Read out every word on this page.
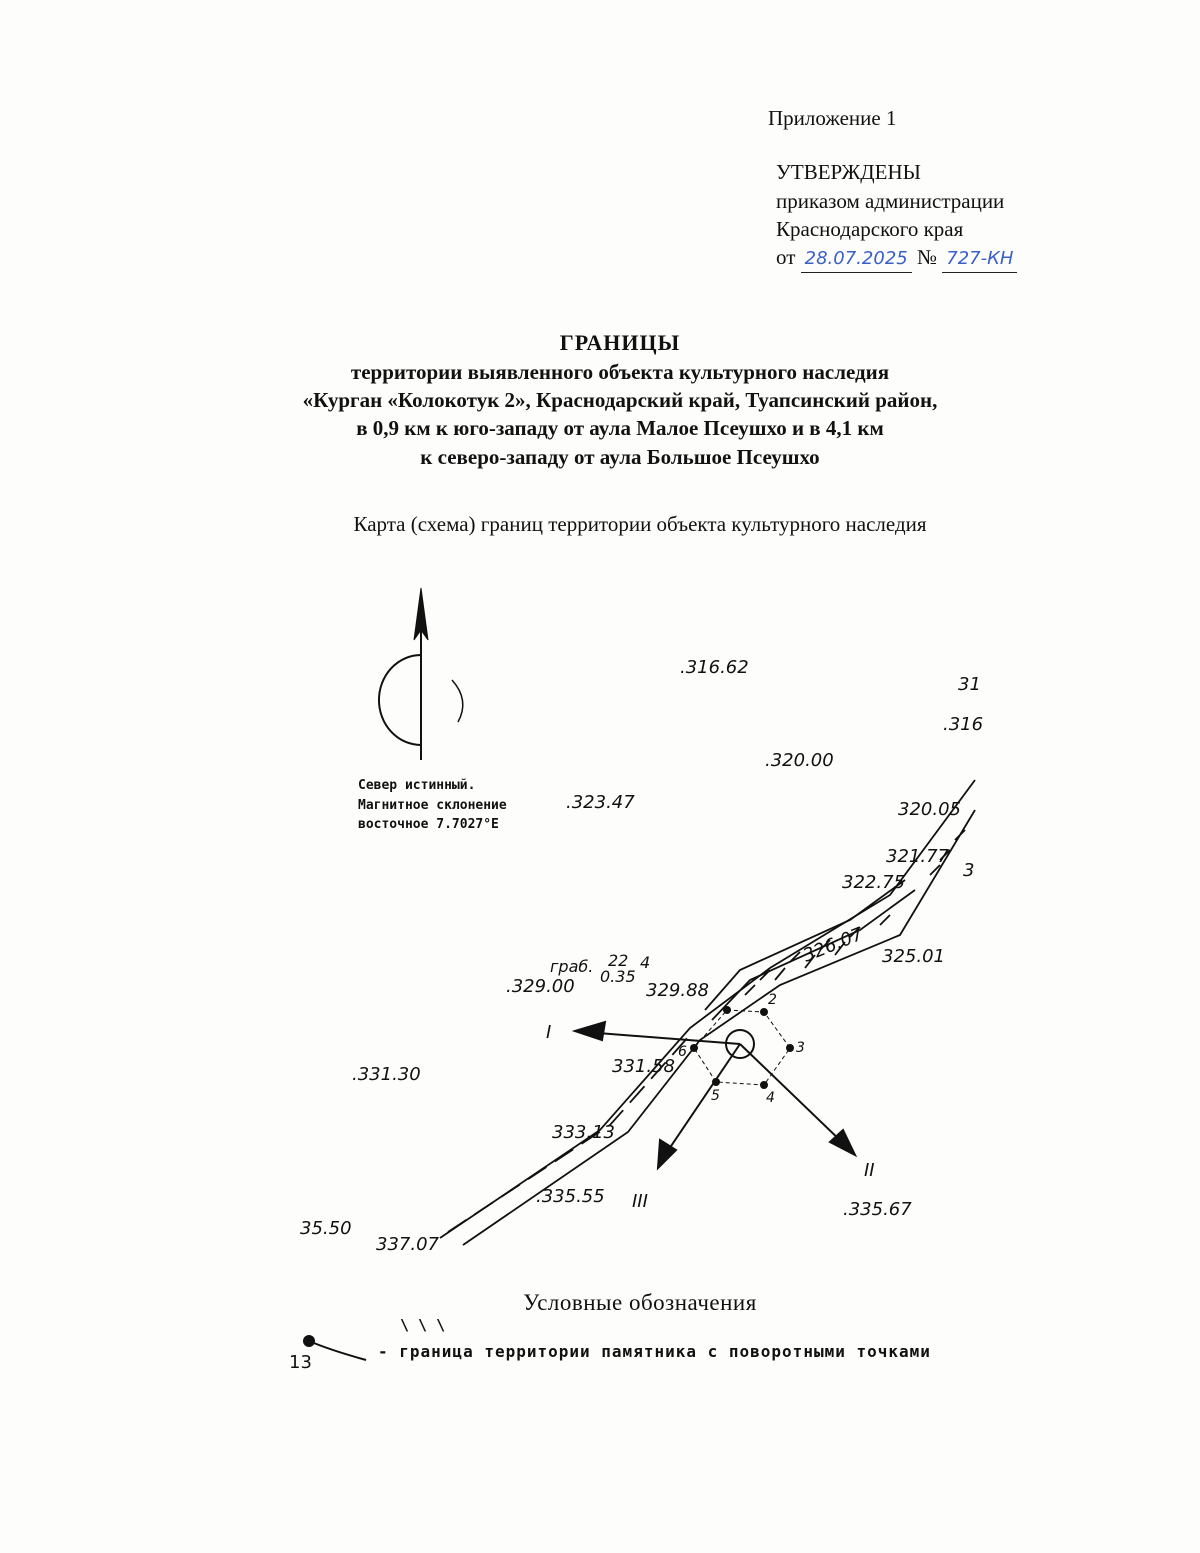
Приложение 1
УТВЕРЖДЕНЫ
приказом администрации
Краснодарского края
от 28.07.2025 № 727-КН
ГРАНИЦЫ
территории выявленного объекта культурного наследия
«Курган «Колокотук 2», Краснодарский край, Туапсинский район,
в 0,9 км к юго-западу от аула Малое Псеушхо и в 4,1 км
к северо-западу от аула Большое Псеушхо
Карта (схема) границ территории объекта культурного наследия
.316.62
31
.316
.320.00
.323.47	320.05
321.77
3
322.75
326.07 325.01
граб. 22 4
0.35
.329.00	329.88
.331.30	331.58
333.13
.335.55
.335.67
35.50
337.07
2
3
4
5
6
I
II
III
Север истинный.
Магнитное склонение
восточное 7.7027°E
Условные обозначения
\ \ \
13
- граница территории памятника с поворотными точками
